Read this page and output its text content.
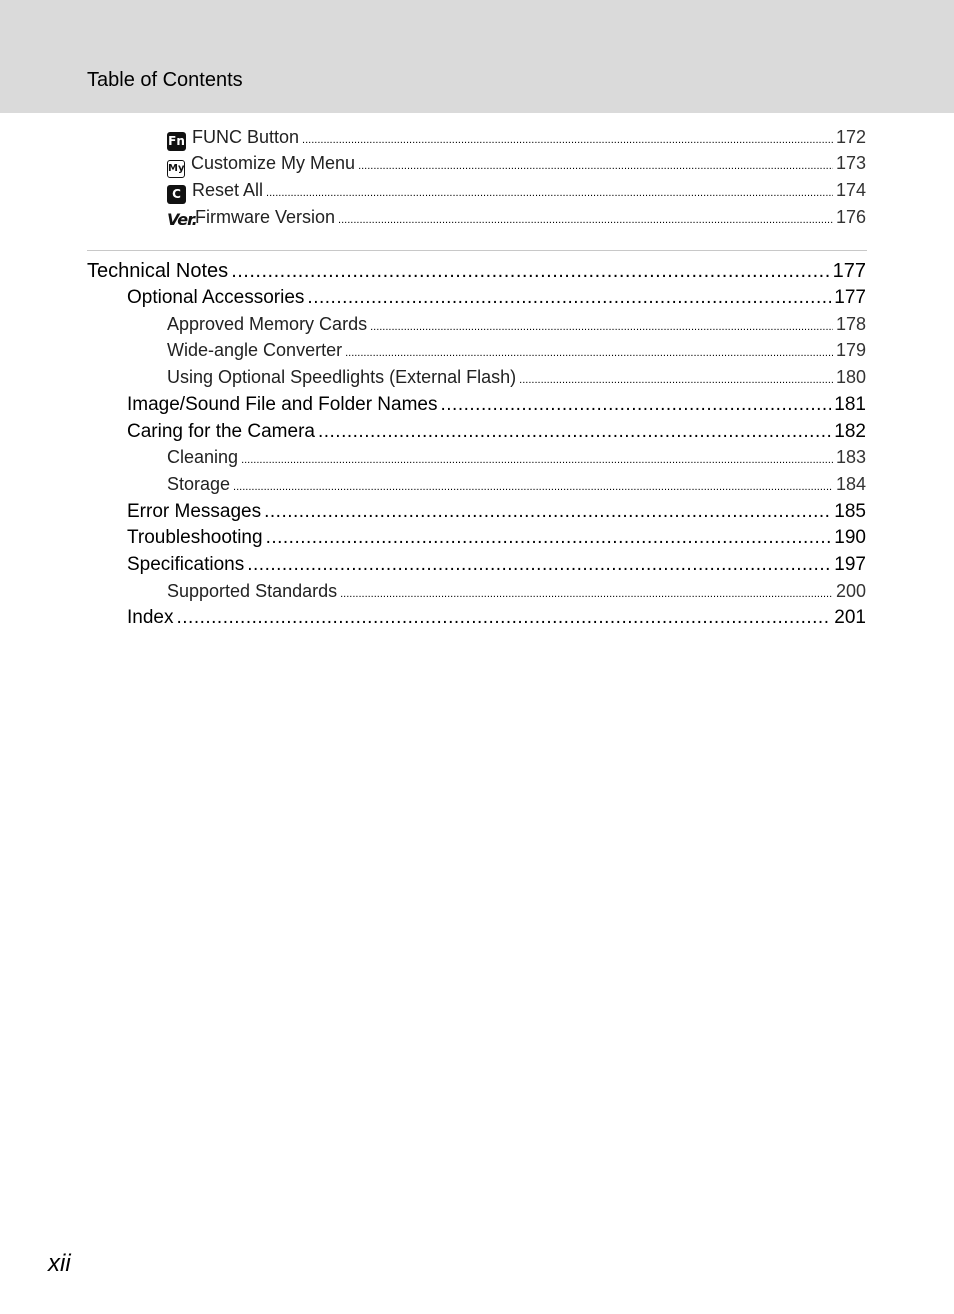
Table of Contents
Fn FUNC Button .....	172
My Customize My Menu .....	173
C Reset All .....	174
Ver.Firmware Version .....	176
Technical Notes .....	177
Optional Accessories .....	177
Approved Memory Cards .....	178
Wide-angle Converter .....	179
Using Optional Speedlights (External Flash) .....	180
Image/Sound File and Folder Names .....	181
Caring for the Camera .....	182
Cleaning .....	183
Storage .....	184
Error Messages .....	185
Troubleshooting .....	190
Specifications .....	197
Supported Standards .....	200
Index .....	201
xii
